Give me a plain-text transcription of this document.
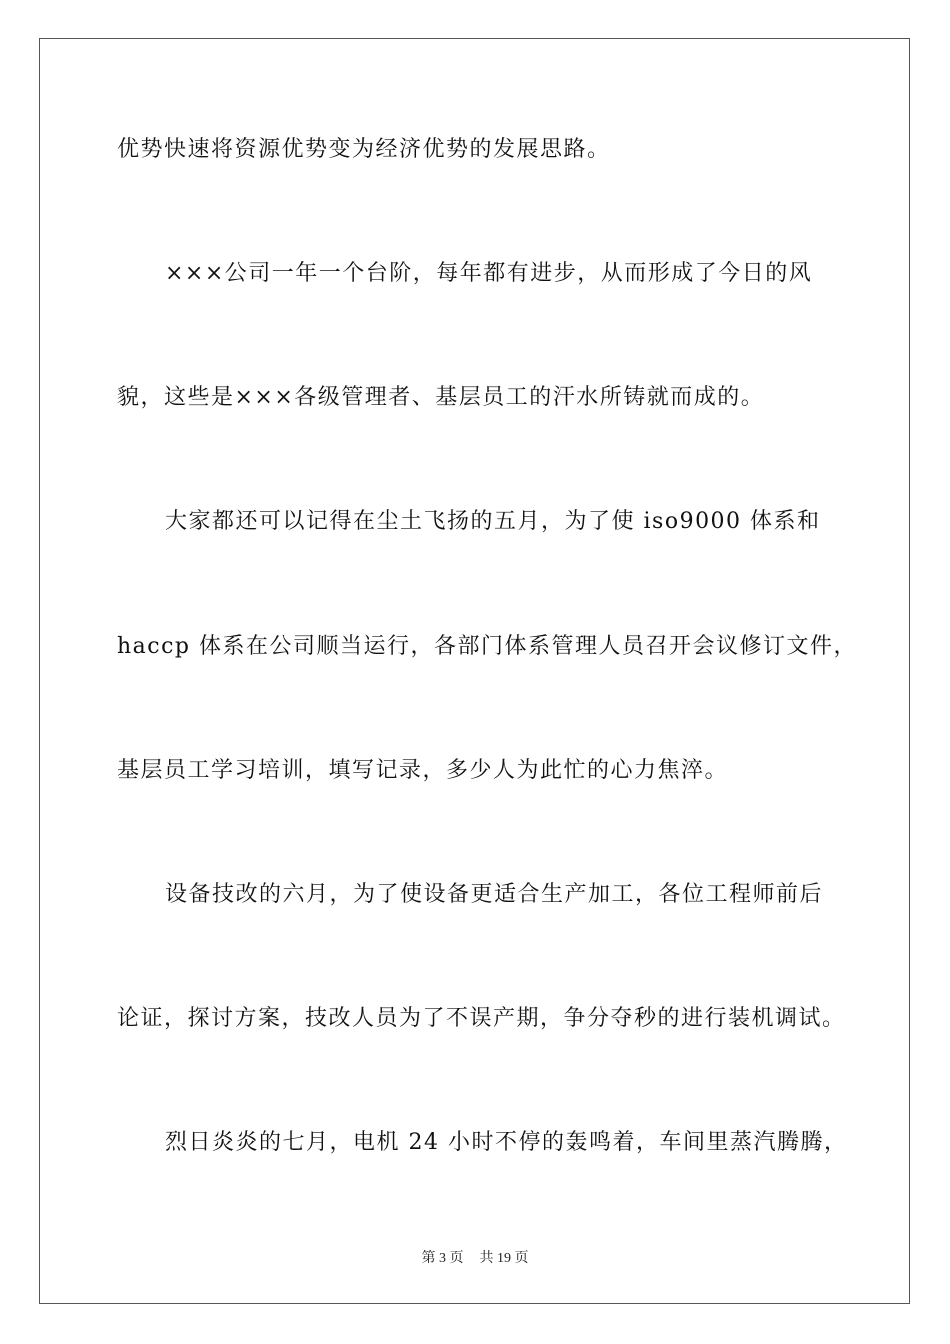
优势快速将资源优势变为经济优势的发展思路。
×××公司一年一个台阶，每年都有进步，从而形成了今日的风
貌，这些是×××各级管理者、基层员工的汗水所铸就而成的。
大家都还可以记得在尘土飞扬的五月，为了使 iso9000 体系和
haccp 体系在公司顺当运行，各部门体系管理人员召开会议修订文件，
基层员工学习培训，填写记录，多少人为此忙的心力焦淬。
设备技改的六月，为了使设备更适合生产加工，各位工程师前后
论证，探讨方案，技改人员为了不误产期，争分夺秒的进行装机调试。
烈日炎炎的七月，电机 24 小时不停的轰鸣着，车间里蒸汽腾腾，
第 3 页 共 19 页
